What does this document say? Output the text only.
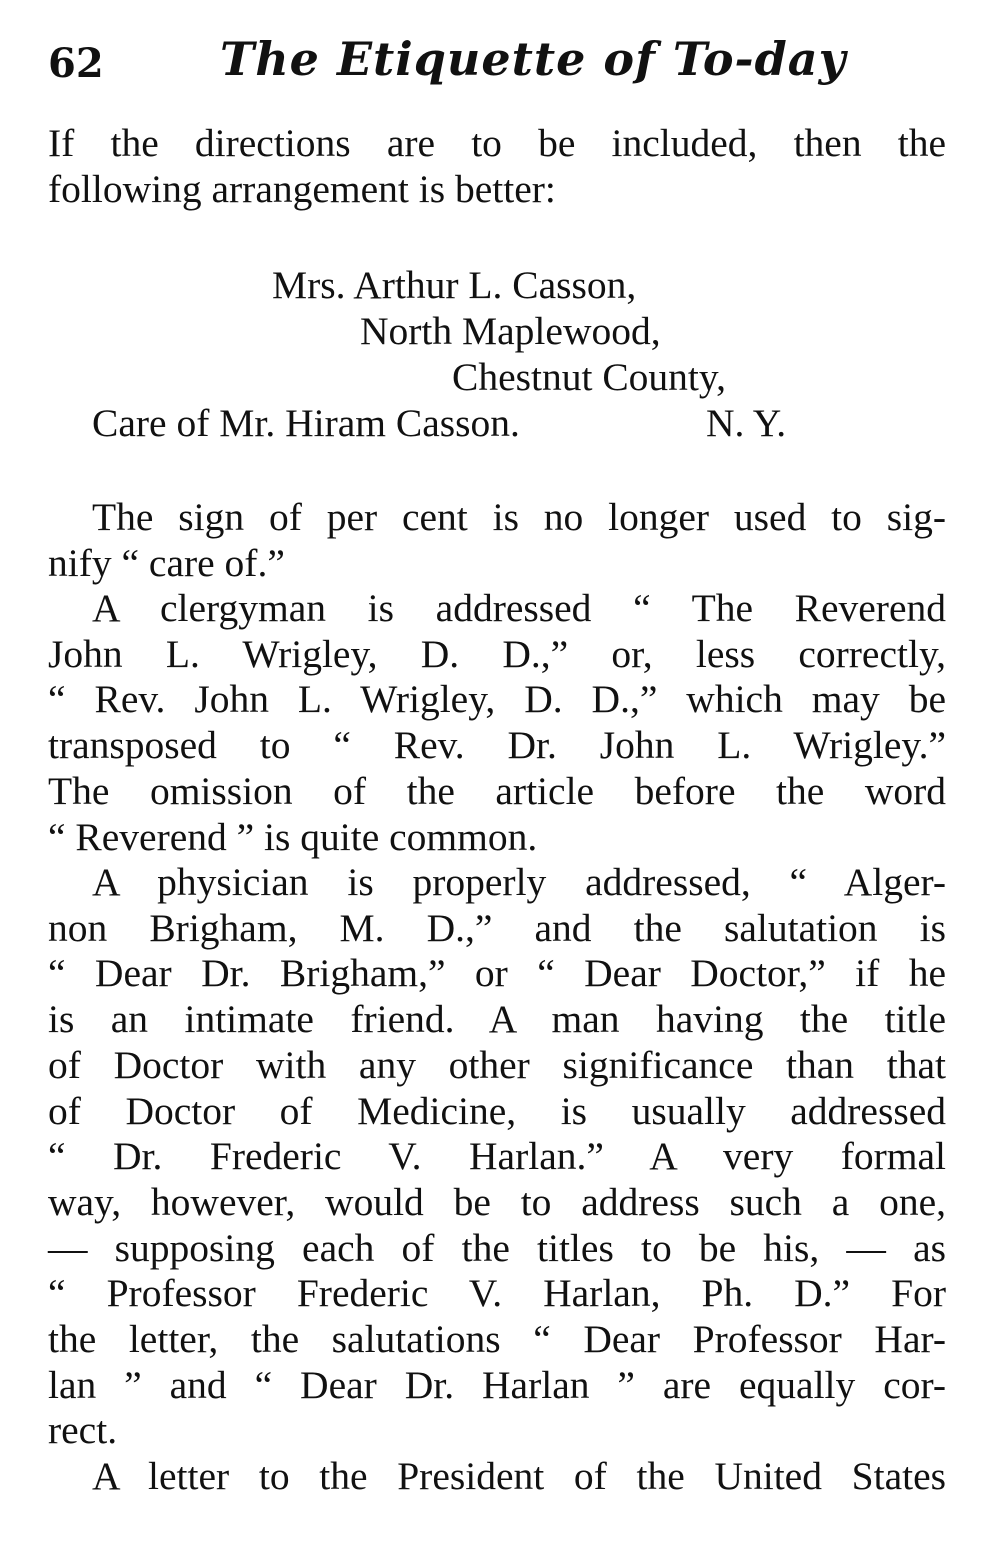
62	The Etiquette of To-day
If the directions are to be included, then the
following arrangement is better:
Mrs. Arthur L. Casson,
North Maplewood,
Chestnut County,
Care of Mr. Hiram Casson.	N. Y.
The sign of per cent is no longer used to sig-
nify “ care of.”
A clergyman is addressed “ The Reverend
John L. Wrigley, D. D.,” or, less correctly,
“ Rev. John L. Wrigley, D. D.,” which may be
transposed to “ Rev. Dr. John L. Wrigley.”
The omission of the article before the word
“ Reverend ” is quite common.
A physician is properly addressed, “ Alger-
non Brigham, M. D.,” and the salutation is
“ Dear Dr. Brigham,” or “ Dear Doctor,” if he
is an intimate friend. A man having the title
of Doctor with any other significance than that
of Doctor of Medicine, is usually addressed
“ Dr. Frederic V. Harlan.” A very formal
way, however, would be to address such a one,
— supposing each of the titles to be his, — as
“ Professor Frederic V. Harlan, Ph. D.” For
the letter, the salutations “ Dear Professor Har-
lan ” and “ Dear Dr. Harlan ” are equally cor-
rect.
A letter to the President of the United States
